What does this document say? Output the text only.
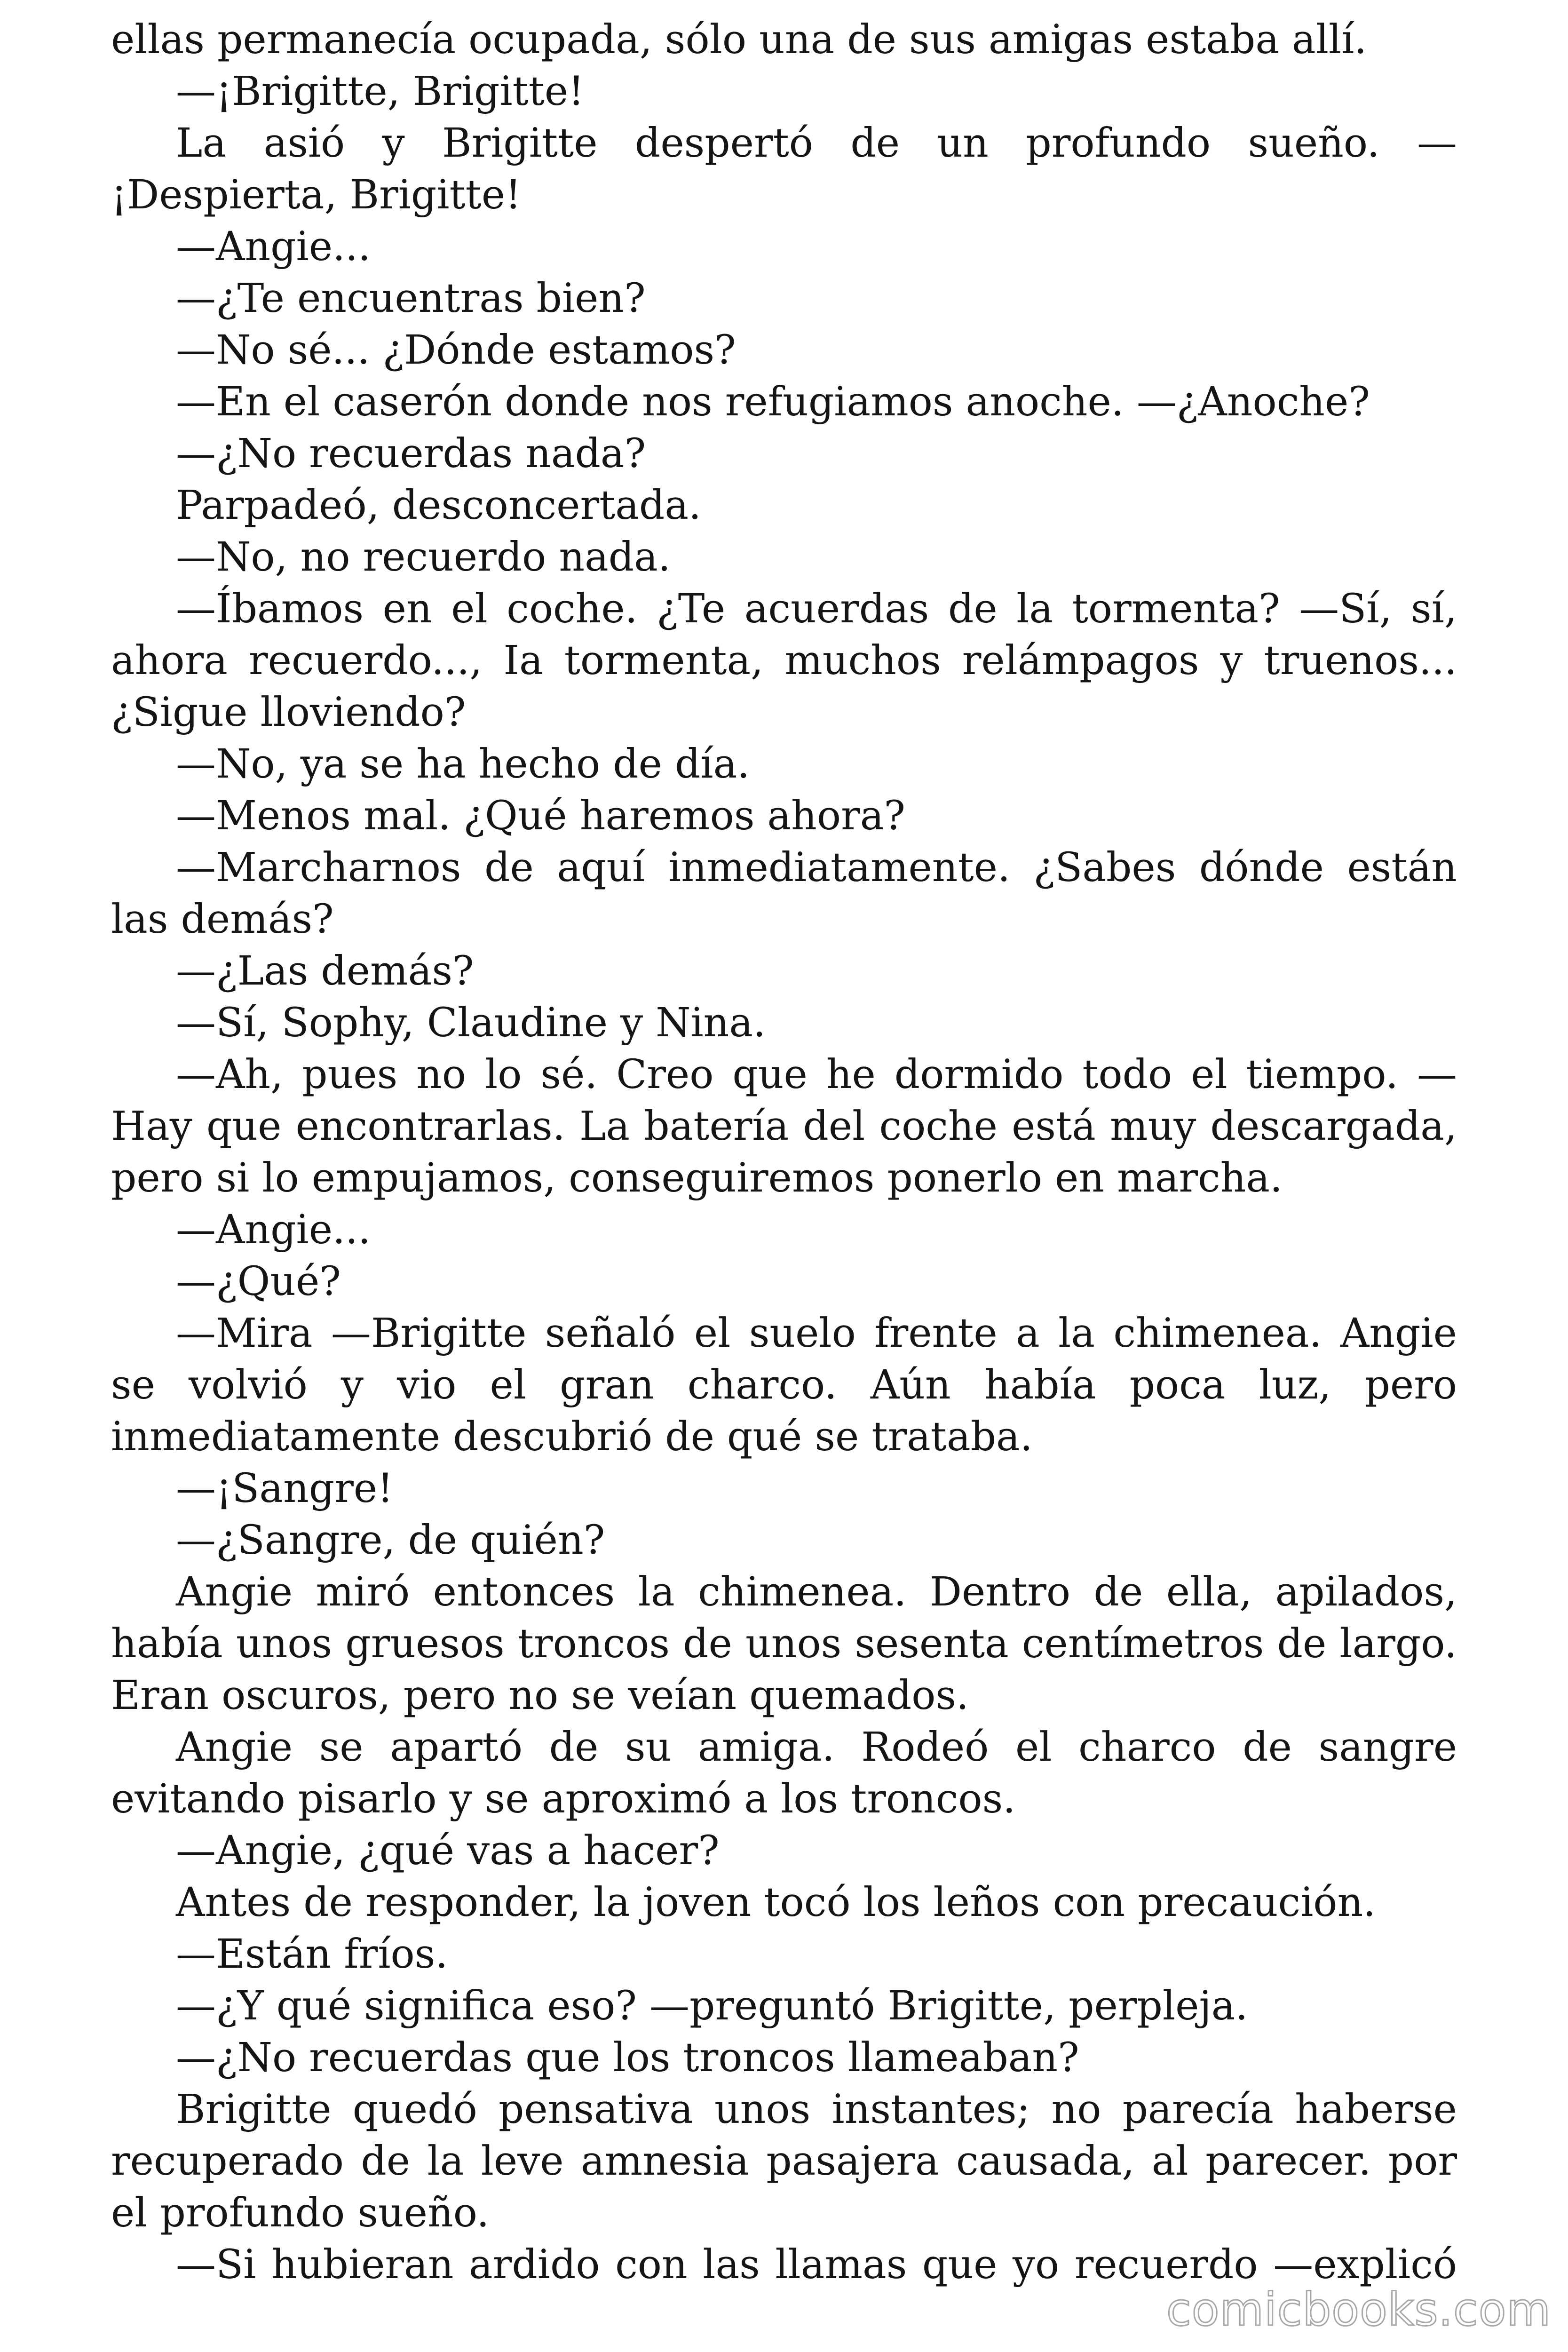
ellas permanecía ocupada, sólo una de sus amigas estaba allí.

—¡Brigitte, Brigitte!

La asió y Brigitte despertó de un profundo sueño. —¡Despierta, Brigitte!

—Angie...

—¿Te encuentras bien?

—No sé... ¿Dónde estamos?

—En el caserón donde nos refugiamos anoche. —¿Anoche?

—¿No recuerdas nada?

Parpadeó, desconcertada.

—No, no recuerdo nada.

—Íbamos en el coche. ¿Te acuerdas de la tormenta? —Sí, sí, ahora recuerdo..., Ia tormenta, muchos relámpagos y truenos... ¿Sigue lloviendo?

—No, ya se ha hecho de día.

—Menos mal. ¿Qué haremos ahora?

—Marcharnos de aquí inmediatamente. ¿Sabes dónde están las demás?

—¿Las demás?

—Sí, Sophy, Claudine y Nina.

—Ah, pues no lo sé. Creo que he dormido todo el tiempo. —Hay que encontrarlas. La batería del coche está muy descargada, pero si lo empujamos, conseguiremos ponerlo en marcha.

—Angie...

—¿Qué?

—Mira —Brigitte señaló el suelo frente a la chimenea. Angie se volvió y vio el gran charco. Aún había poca luz, pero inmediatamente descubrió de qué se trataba.

—¡Sangre!

—¿Sangre, de quién?

Angie miró entonces la chimenea. Dentro de ella, apilados, había unos gruesos troncos de unos sesenta centímetros de largo. Eran oscuros, pero no se veían quemados.

Angie se apartó de su amiga. Rodeó el charco de sangre evitando pisarlo y se aproximó a los troncos.

—Angie, ¿qué vas a hacer?

Antes de responder, la joven tocó los leños con precaución.

—Están fríos.

—¿Y qué significa eso? —preguntó Brigitte, perpleja.

—¿No recuerdas que los troncos llameaban?

Brigitte quedó pensativa unos instantes; no parecía haberse recuperado de la leve amnesia pasajera causada, al parecer. por el profundo sueño.

—Si hubieran ardido con las llamas que yo recuerdo —explicó

comicbooks.com
